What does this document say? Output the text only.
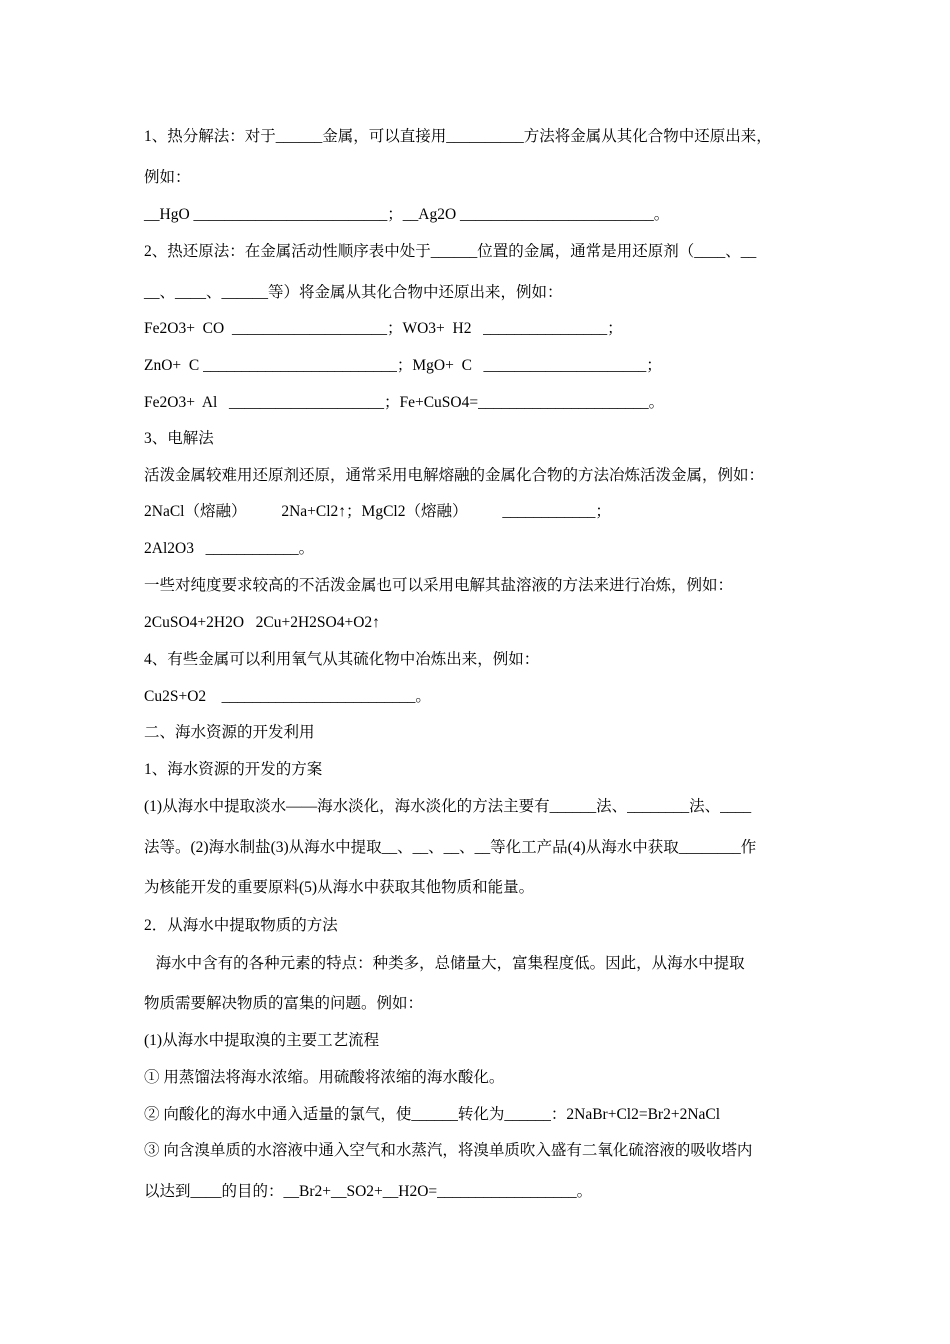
1、热分解法：对于______金属，可以直接用__________方法将金属从其化合物中还原出来，
例如：
__HgO _________________________；__Ag2O _________________________。
2、热还原法：在金属活动性顺序表中处于______位置的金属，通常是用还原剂（____、__
__、____、______等）将金属从其化合物中还原出来，例如：
Fe2O3+  CO  ____________________；WO3+  H2   ________________；
ZnO+  C _________________________；MgO+  C   _____________________；
Fe2O3+  Al   ____________________；Fe+CuSO4=______________________。
3、电解法
活泼金属较难用还原剂还原，通常采用电解熔融的金属化合物的方法冶炼活泼金属，例如：
2NaCl（熔融）         2Na+Cl2↑；MgCl2（熔融）         ____________；
2Al2O3   ____________。
一些对纯度要求较高的不活泼金属也可以采用电解其盐溶液的方法来进行冶炼，例如：
2CuSO4+2H2O   2Cu+2H2SO4+O2↑
4、有些金属可以利用氧气从其硫化物中冶炼出来，例如：
Cu2S+O2    _________________________。
二、海水资源的开发利用
1、海水资源的开发的方案
(1)从海水中提取淡水——海水淡化，海水淡化的方法主要有______法、________法、____
法等。(2)海水制盐(3)从海水中提取__、__、__、__等化工产品(4)从海水中获取________作
为核能开发的重要原料(5)从海水中获取其他物质和能量。
2．从海水中提取物质的方法
海水中含有的各种元素的特点：种类多，总储量大，富集程度低。因此，从海水中提取
物质需要解决物质的富集的问题。例如：
(1)从海水中提取溴的主要工艺流程
① 用蒸馏法将海水浓缩。用硫酸将浓缩的海水酸化。
② 向酸化的海水中通入适量的氯气，使______转化为______：2NaBr+Cl2=Br2+2NaCl
③ 向含溴单质的水溶液中通入空气和水蒸汽，将溴单质吹入盛有二氧化硫溶液的吸收塔内
以达到____的目的：__Br2+__SO2+__H2O=__________________。
